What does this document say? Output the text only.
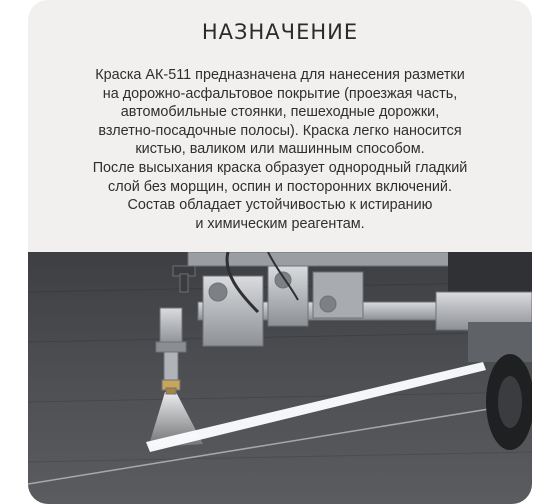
НАЗНАЧЕНИЕ

Краска АК-511 предназначена для нанесения разметки

на дорожно-асфальтовое покрытие (проезжая часть,

автомобильные стоянки, пешеходные дорожки,

взлетно-посадочные полосы). Краска легко наносится

кистью, валиком или машинным способом.

После высыхания краска образует однородный гладкий

слой без морщин, оспин и посторонних включений.

Состав обладает устойчивостью к истиранию

и химическим реагентам.
